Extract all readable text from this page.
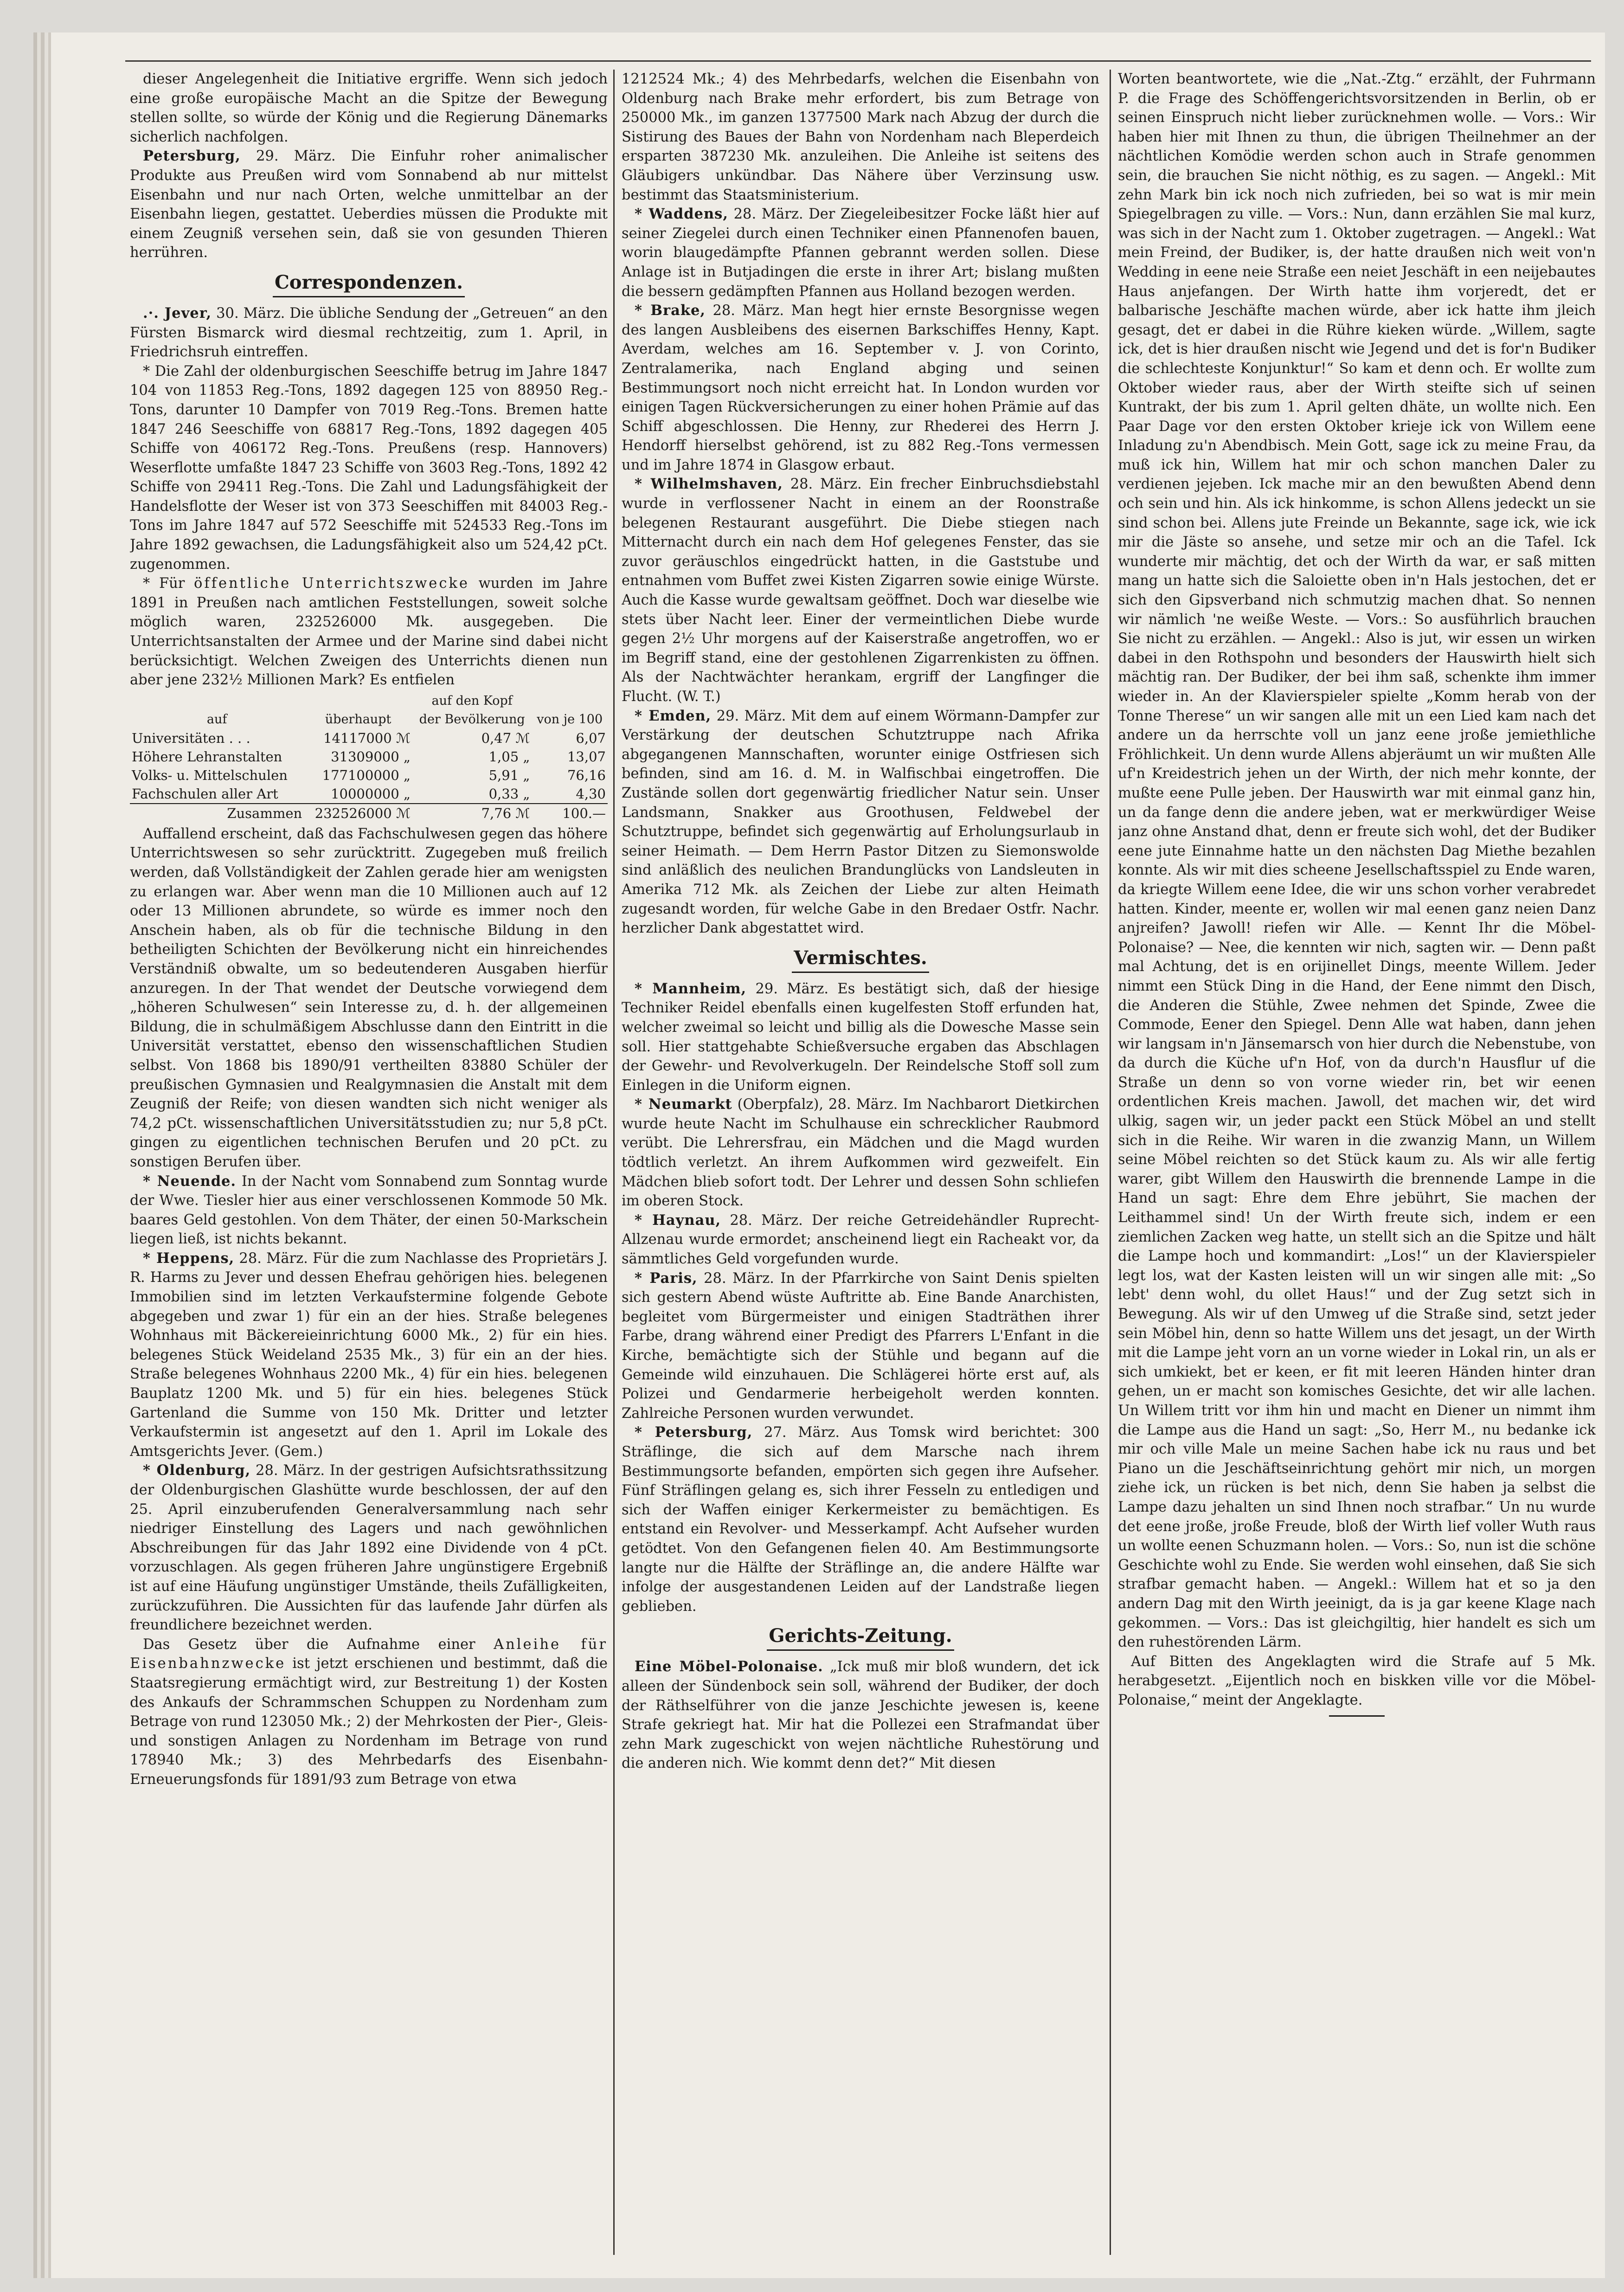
dieser Angelegenheit die Initiative ergriffe. Wenn sich jedoch eine große europäische Macht an die Spitze der Bewegung stellen sollte, so würde der König und die Regierung Dänemarks sicherlich nachfolgen.

Petersburg, 29. März. Die Einfuhr roher animalischer Produkte aus Preußen wird vom Sonnabend ab nur mittelst Eisenbahn und nur nach Orten, welche unmittelbar an der Eisenbahn liegen, gestattet. Ueberdies müssen die Produkte mit einem Zeugniß versehen sein, daß sie von gesunden Thieren herrühren.

Correspondenzen.

.·. Jever, 30. März. Die übliche Sendung der „Getreuen“ an den Fürsten Bismarck wird diesmal rechtzeitig, zum 1. April, in Friedrichsruh eintreffen.

* Die Zahl der oldenburgischen Seeschiffe betrug im Jahre 1847 104 von 11853 Reg.-Tons, 1892 dagegen 125 von 88950 Reg.-Tons, darunter 10 Dampfer von 7019 Reg.-Tons. Bremen hatte 1847 246 Seeschiffe von 68817 Reg.-Tons, 1892 dagegen 405 Schiffe von 406172 Reg.-Tons. Preußens (resp. Hannovers) Weserflotte umfaßte 1847 23 Schiffe von 3603 Reg.-Tons, 1892 42 Schiffe von 29411 Reg.-Tons. Die Zahl und Ladungsfähigkeit der Handelsflotte der Weser ist von 373 Seeschiffen mit 84003 Reg.-Tons im Jahre 1847 auf 572 Seeschiffe mit 524533 Reg.-Tons im Jahre 1892 gewachsen, die Ladungsfähigkeit also um 524,42 pCt. zugenommen.

* Für öffentliche Unterrichtszwecke wurden im Jahre 1891 in Preußen nach amtlichen Feststellungen, soweit solche möglich waren, 232526000 Mk. ausgegeben. Die Unterrichtsanstalten der Armee und der Marine sind dabei nicht berücksichtigt. Welchen Zweigen des Unterrichts dienen nun aber jene 232½ Millionen Mark? Es entfielen

		auf den Kopf	
auf	überhaupt	der Bevölkerung	von je 100
Universitäten . . .	14117000 ℳ	0,47 ℳ	6,07
Höhere Lehranstalten	31309000 „	1,05 „	13,07
Volks- u. Mittelschulen	177100000 „	5,91 „	76,16
Fachschulen aller Art	10000000 „	0,33 „	4,30
Zusammen	232526000 ℳ	7,76 ℳ	100.—

Auffallend erscheint, daß das Fachschulwesen gegen das höhere Unterrichtswesen so sehr zurücktritt. Zugegeben muß freilich werden, daß Vollständigkeit der Zahlen gerade hier am wenigsten zu erlangen war. Aber wenn man die 10 Millionen auch auf 12 oder 13 Millionen abrundete, so würde es immer noch den Anschein haben, als ob für die technische Bildung in den betheiligten Schichten der Bevölkerung nicht ein hinreichendes Verständniß obwalte, um so bedeutenderen Ausgaben hierfür anzuregen. In der That wendet der Deutsche vorwiegend dem „höheren Schulwesen“ sein Interesse zu, d. h. der allgemeinen Bildung, die in schulmäßigem Abschlusse dann den Eintritt in die Universität verstattet, ebenso den wissenschaftlichen Studien selbst. Von 1868 bis 1890/91 vertheilten 83880 Schüler der preußischen Gymnasien und Realgymnasien die Anstalt mit dem Zeugniß der Reife; von diesen wandten sich nicht weniger als 74,2 pCt. wissenschaftlichen Universitätsstudien zu; nur 5,8 pCt. gingen zu eigentlichen technischen Berufen und 20 pCt. zu sonstigen Berufen über.

* Neuende. In der Nacht vom Sonnabend zum Sonntag wurde der Wwe. Tiesler hier aus einer verschlossenen Kommode 50 Mk. baares Geld gestohlen. Von dem Thäter, der einen 50-Markschein liegen ließ, ist nichts bekannt.

* Heppens, 28. März. Für die zum Nachlasse des Proprietärs J. R. Harms zu Jever und dessen Ehefrau gehörigen hies. belegenen Immobilien sind im letzten Verkaufstermine folgende Gebote abgegeben und zwar 1) für ein an der hies. Straße belegenes Wohnhaus mit Bäckereieinrichtung 6000 Mk., 2) für ein hies. belegenes Stück Weideland 2535 Mk., 3) für ein an der hies. Straße belegenes Wohnhaus 2200 Mk., 4) für ein hies. belegenen Bauplatz 1200 Mk. und 5) für ein hies. belegenes Stück Gartenland die Summe von 150 Mk. Dritter und letzter Verkaufstermin ist angesetzt auf den 1. April im Lokale des Amtsgerichts Jever. (Gem.)

* Oldenburg, 28. März. In der gestrigen Aufsichtsrathssitzung der Oldenburgischen Glashütte wurde beschlossen, der auf den 25. April einzuberufenden Generalversammlung nach sehr niedriger Einstellung des Lagers und nach gewöhnlichen Abschreibungen für das Jahr 1892 eine Dividende von 4 pCt. vorzuschlagen. Als gegen früheren Jahre ungünstigere Ergebniß ist auf eine Häufung ungünstiger Umstände, theils Zufälligkeiten, zurückzuführen. Die Aussichten für das laufende Jahr dürfen als freundlichere bezeichnet werden.

Das Gesetz über die Aufnahme einer Anleihe für Eisenbahnzwecke ist jetzt erschienen und bestimmt, daß die Staatsregierung ermächtigt wird, zur Bestreitung 1) der Kosten des Ankaufs der Schrammschen Schuppen zu Nordenham zum Betrage von rund 123050 Mk.; 2) der Mehrkosten der Pier-, Gleis- und sonstigen Anlagen zu Nordenham im Betrage von rund 178940 Mk.; 3) des Mehrbedarfs des Eisenbahn-Erneuerungsfonds für 1891/93 zum Betrage von etwa

1212524 Mk.; 4) des Mehrbedarfs, welchen die Eisenbahn von Oldenburg nach Brake mehr erfordert, bis zum Betrage von 250000 Mk., im ganzen 1377500 Mark nach Abzug der durch die Sistirung des Baues der Bahn von Nordenham nach Bleperdeich ersparten 387230 Mk. anzuleihen. Die Anleihe ist seitens des Gläubigers unkündbar. Das Nähere über Verzinsung usw. bestimmt das Staatsministerium.

* Waddens, 28. März. Der Ziegeleibesitzer Focke läßt hier auf seiner Ziegelei durch einen Techniker einen Pfannenofen bauen, worin blaugedämpfte Pfannen gebrannt werden sollen. Diese Anlage ist in Butjadingen die erste in ihrer Art; bislang mußten die bessern gedämpften Pfannen aus Holland bezogen werden.

* Brake, 28. März. Man hegt hier ernste Besorgnisse wegen des langen Ausbleibens des eisernen Barkschiffes Henny, Kapt. Averdam, welches am 16. September v. J. von Corinto, Zentralamerika, nach England abging und seinen Bestimmungsort noch nicht erreicht hat. In London wurden vor einigen Tagen Rückversicherungen zu einer hohen Prämie auf das Schiff abgeschlossen. Die Henny, zur Rhederei des Herrn J. Hendorff hierselbst gehörend, ist zu 882 Reg.-Tons vermessen und im Jahre 1874 in Glasgow erbaut.

* Wilhelmshaven, 28. März. Ein frecher Einbruchsdiebstahl wurde in verflossener Nacht in einem an der Roonstraße belegenen Restaurant ausgeführt. Die Diebe stiegen nach Mitternacht durch ein nach dem Hof gelegenes Fenster, das sie zuvor geräuschlos eingedrückt hatten, in die Gaststube und entnahmen vom Buffet zwei Kisten Zigarren sowie einige Würste. Auch die Kasse wurde gewaltsam geöffnet. Doch war dieselbe wie stets über Nacht leer. Einer der vermeintlichen Diebe wurde gegen 2½ Uhr morgens auf der Kaiserstraße angetroffen, wo er im Begriff stand, eine der gestohlenen Zigarrenkisten zu öffnen. Als der Nachtwächter herankam, ergriff der Langfinger die Flucht. (W. T.)

* Emden, 29. März. Mit dem auf einem Wörmann-Dampfer zur Verstärkung der deutschen Schutztruppe nach Afrika abgegangenen Mannschaften, worunter einige Ostfriesen sich befinden, sind am 16. d. M. in Walfischbai eingetroffen. Die Zustände sollen dort gegenwärtig friedlicher Natur sein. Unser Landsmann, Snakker aus Groothusen, Feldwebel der Schutztruppe, befindet sich gegenwärtig auf Erholungsurlaub in seiner Heimath. — Dem Herrn Pastor Ditzen zu Siemonswolde sind anläßlich des neulichen Brandunglücks von Landsleuten in Amerika 712 Mk. als Zeichen der Liebe zur alten Heimath zugesandt worden, für welche Gabe in den Bredaer Ostfr. Nachr. herzlicher Dank abgestattet wird.

Vermischtes.

* Mannheim, 29. März. Es bestätigt sich, daß der hiesige Techniker Reidel ebenfalls einen kugelfesten Stoff erfunden hat, welcher zweimal so leicht und billig als die Dowesche Masse sein soll. Hier stattgehabte Schießversuche ergaben das Abschlagen der Gewehr- und Revolverkugeln. Der Reindelsche Stoff soll zum Einlegen in die Uniform eignen.

* Neumarkt (Oberpfalz), 28. März. Im Nachbarort Dietkirchen wurde heute Nacht im Schulhause ein schrecklicher Raubmord verübt. Die Lehrersfrau, ein Mädchen und die Magd wurden tödtlich verletzt. An ihrem Aufkommen wird gezweifelt. Ein Mädchen blieb sofort todt. Der Lehrer und dessen Sohn schliefen im oberen Stock.

* Haynau, 28. März. Der reiche Getreidehändler Ruprecht-Allzenau wurde ermordet; anscheinend liegt ein Racheakt vor, da sämmtliches Geld vorgefunden wurde.

* Paris, 28. März. In der Pfarrkirche von Saint Denis spielten sich gestern Abend wüste Auftritte ab. Eine Bande Anarchisten, begleitet vom Bürgermeister und einigen Stadträthen ihrer Farbe, drang während einer Predigt des Pfarrers L'Enfant in die Kirche, bemächtigte sich der Stühle und begann auf die Gemeinde wild einzuhauen. Die Schlägerei hörte erst auf, als Polizei und Gendarmerie herbeigeholt werden konnten. Zahlreiche Personen wurden verwundet.

* Petersburg, 27. März. Aus Tomsk wird berichtet: 300 Sträflinge, die sich auf dem Marsche nach ihrem Bestimmungsorte befanden, empörten sich gegen ihre Aufseher. Fünf Sträflingen gelang es, sich ihrer Fesseln zu entledigen und sich der Waffen einiger Kerkermeister zu bemächtigen. Es entstand ein Revolver- und Messerkampf. Acht Aufseher wurden getödtet. Von den Gefangenen fielen 40. Am Bestimmungsorte langte nur die Hälfte der Sträflinge an, die andere Hälfte war infolge der ausgestandenen Leiden auf der Landstraße liegen geblieben.

Gerichts-Zeitung.

Eine Möbel-Polonaise. „Ick muß mir bloß wundern, det ick alleen der Sündenbock sein soll, während der Budiker, der doch der Räthselführer von die janze Jeschichte jewesen is, keene Strafe gekriegt hat. Mir hat die Pollezei een Strafmandat über zehn Mark zugeschickt von wejen nächtliche Ruhestörung und die anderen nich. Wie kommt denn det?“ Mit diesen

Worten beantwortete, wie die „Nat.-Ztg.“ erzählt, der Fuhrmann P. die Frage des Schöffengerichtsvorsitzenden in Berlin, ob er seinen Einspruch nicht lieber zurücknehmen wolle. — Vors.: Wir haben hier mit Ihnen zu thun, die übrigen Theilnehmer an der nächtlichen Komödie werden schon auch in Strafe genommen sein, die brauchen Sie nicht nöthig, es zu sagen. — Angekl.: Mit zehn Mark bin ick noch nich zufrieden, bei so wat is mir mein Spiegelbragen zu ville. — Vors.: Nun, dann erzählen Sie mal kurz, was sich in der Nacht zum 1. Oktober zugetragen. — Angekl.: Wat mein Freind, der Budiker, is, der hatte draußen nich weit von'n Wedding in eene neie Straße een neiet Jeschäft in een neijebautes Haus anjefangen. Der Wirth hatte ihm vorjeredt, det er balbarische Jeschäfte machen würde, aber ick hatte ihm jleich gesagt, det er dabei in die Rühre kieken würde. „Willem, sagte ick, det is hier draußen nischt wie Jegend und det is for'n Budiker die schlechteste Konjunktur!“ So kam et denn och. Er wollte zum Oktober wieder raus, aber der Wirth steifte sich uf seinen Kuntrakt, der bis zum 1. April gelten dhäte, un wollte nich. Een Paar Dage vor den ersten Oktober krieje ick von Willem eene Inladung zu'n Abendbisch. Mein Gott, sage ick zu meine Frau, da muß ick hin, Willem hat mir och schon manchen Daler zu verdienen jejeben. Ick mache mir an den bewußten Abend denn och sein und hin. Als ick hinkomme, is schon Allens jedeckt un sie sind schon bei. Allens jute Freinde un Bekannte, sage ick, wie ick mir die Jäste so ansehe, und setze mir och an die Tafel. Ick wunderte mir mächtig, det och der Wirth da war, er saß mitten mang un hatte sich die Saloiette oben in'n Hals jestochen, det er sich den Gipsverband nich schmutzig machen dhat. So nennen wir nämlich 'ne weiße Weste. — Vors.: So ausführlich brauchen Sie nicht zu erzählen. — Angekl.: Also is jut, wir essen un wirken dabei in den Rothspohn und besonders der Hauswirth hielt sich mächtig ran. Der Budiker, der bei ihm saß, schenkte ihm immer wieder in. An der Klavierspieler spielte „Komm herab von der Tonne Therese“ un wir sangen alle mit un een Lied kam nach det andere un da herrschte voll un janz eene jroße jemiethliche Fröhlichkeit. Un denn wurde Allens abjeräumt un wir mußten Alle uf'n Kreidestrich jehen un der Wirth, der nich mehr konnte, der mußte eene Pulle jeben. Der Hauswirth war mit einmal ganz hin, un da fange denn die andere jeben, wat er merkwürdiger Weise janz ohne Anstand dhat, denn er freute sich wohl, det der Budiker eene jute Einnahme hatte un den nächsten Dag Miethe bezahlen konnte. Als wir mit dies scheene Jesellschaftsspiel zu Ende waren, da kriegte Willem eene Idee, die wir uns schon vorher verabredet hatten. Kinder, meente er, wollen wir mal eenen ganz neien Danz anjreifen? Jawoll! riefen wir Alle. — Kennt Ihr die Möbel-Polonaise? — Nee, die kennten wir nich, sagten wir. — Denn paßt mal Achtung, det is en orijinellet Dings, meente Willem. Jeder nimmt een Stück Ding in die Hand, der Eene nimmt den Disch, die Anderen die Stühle, Zwee nehmen det Spinde, Zwee die Commode, Eener den Spiegel. Denn Alle wat haben, dann jehen wir langsam in'n Jänsemarsch von hier durch die Nebenstube, von da durch die Küche uf'n Hof, von da durch'n Hausflur uf die Straße un denn so von vorne wieder rin, bet wir eenen ordentlichen Kreis machen. Jawoll, det machen wir, det wird ulkig, sagen wir, un jeder packt een Stück Möbel an und stellt sich in die Reihe. Wir waren in die zwanzig Mann, un Willem seine Möbel reichten so det Stück kaum zu. Als wir alle fertig warer, gibt Willem den Hauswirth die brennende Lampe in die Hand un sagt: Ehre dem Ehre jebührt, Sie machen der Leithammel sind! Un der Wirth freute sich, indem er een ziemlichen Zacken weg hatte, un stellt sich an die Spitze und hält die Lampe hoch und kommandirt: „Los!“ un der Klavierspieler legt los, wat der Kasten leisten will un wir singen alle mit: „So lebt' denn wohl, du ollet Haus!“ und der Zug setzt sich in Bewegung. Als wir uf den Umweg uf die Straße sind, setzt jeder sein Möbel hin, denn so hatte Willem uns det jesagt, un der Wirth mit die Lampe jeht vorn an un vorne wieder in Lokal rin, un als er sich umkiekt, bet er keen, er fit mit leeren Händen hinter dran gehen, un er macht son komisches Gesichte, det wir alle lachen. Un Willem tritt vor ihm hin und macht en Diener un nimmt ihm die Lampe aus die Hand un sagt: „So, Herr M., nu bedanke ick mir och ville Male un meine Sachen habe ick nu raus und bet Piano un die Jeschäftseinrichtung gehört mir nich, un morgen ziehe ick, un rücken is bet nich, denn Sie haben ja selbst die Lampe dazu jehalten un sind Ihnen noch strafbar.“ Un nu wurde det eene jroße, jroße Freude, bloß der Wirth lief voller Wuth raus un wollte eenen Schuzmann holen. — Vors.: So, nun ist die schöne Geschichte wohl zu Ende. Sie werden wohl einsehen, daß Sie sich strafbar gemacht haben. — Angekl.: Willem hat et so ja den andern Dag mit den Wirth jeeinigt, da is ja gar keene Klage nach gekommen. — Vors.: Das ist gleichgiltig, hier handelt es sich um den ruhestörenden Lärm.

Auf Bitten des Angeklagten wird die Strafe auf 5 Mk. herabgesetzt. „Eijentlich noch en biskken ville vor die Möbel-Polonaise,“ meint der Angeklagte.
